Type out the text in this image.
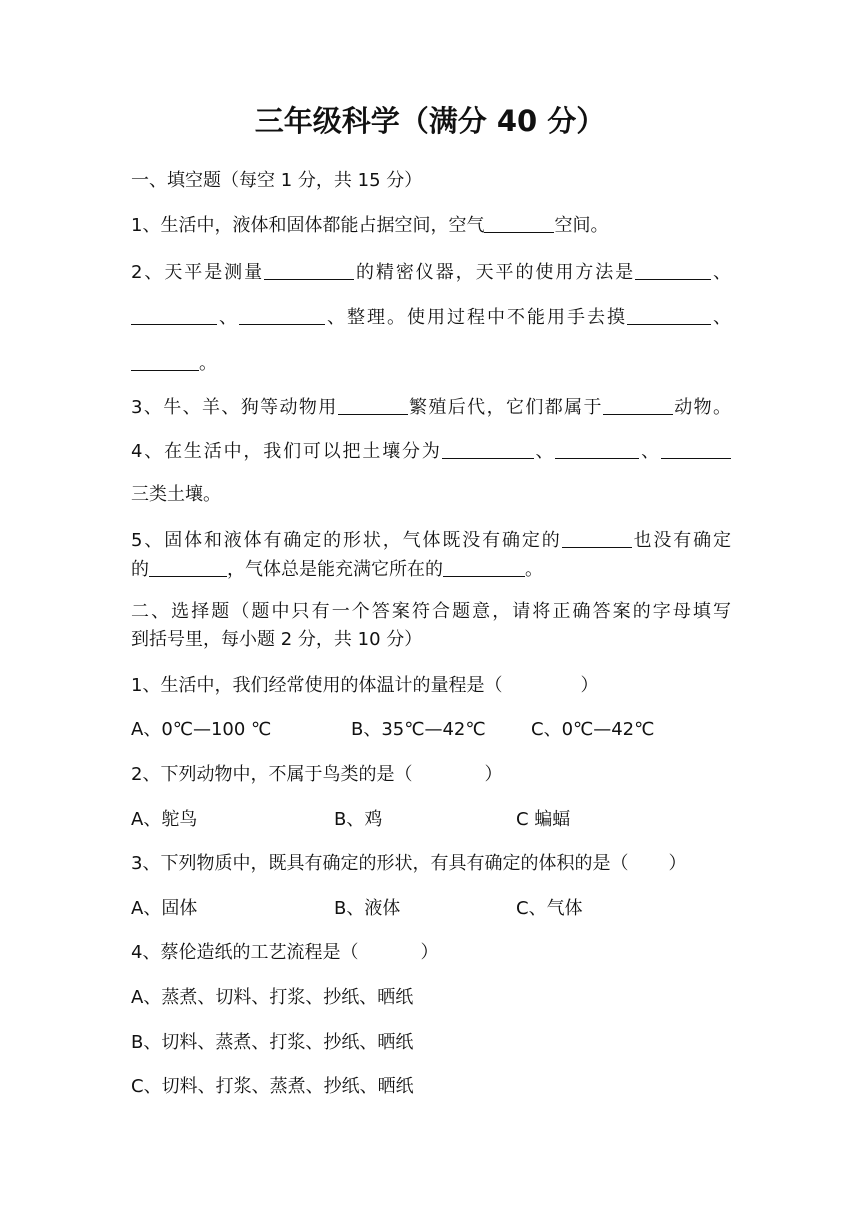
三年级科学（满分 40 分）
一、填空题（每空 1 分，共 15 分）
1、生活中，液体和固体都能占据空间，空气	空间。
2、天平是测量	的精密仪器，天平的使用方法是	、
、	、整理。使用过程中不能用手去摸	、
。
3、牛、羊、狗等动物用	繁殖后代，它们都属于	动物。
4、在生活中，我们可以把土壤分为	、	、
三类土壤。
5、固体和液体有确定的形状，气体既没有确定的	也没有确定
的	，气体总是能充满它所在的	。
二、选择题（题中只有一个答案符合题意，请将正确答案的字母填写
到括号里，每小题 2 分，共 10 分）
1、生活中，我们经常使用的体温计的量程是（	）
A、0℃—100 ℃	B、35℃—42℃	C、0℃—42℃
2、下列动物中，不属于鸟类的是（	）
A、鸵鸟	B、鸡	C 蝙蝠
3、下列物质中，既具有确定的形状，有具有确定的体积的是（ ）
A、固体	B、液体	C、气体
4、蔡伦造纸的工艺流程是（	）
A、蒸煮、切料、打浆、抄纸、晒纸
B、切料、蒸煮、打浆、抄纸、晒纸
C、切料、打浆、蒸煮、抄纸、晒纸
